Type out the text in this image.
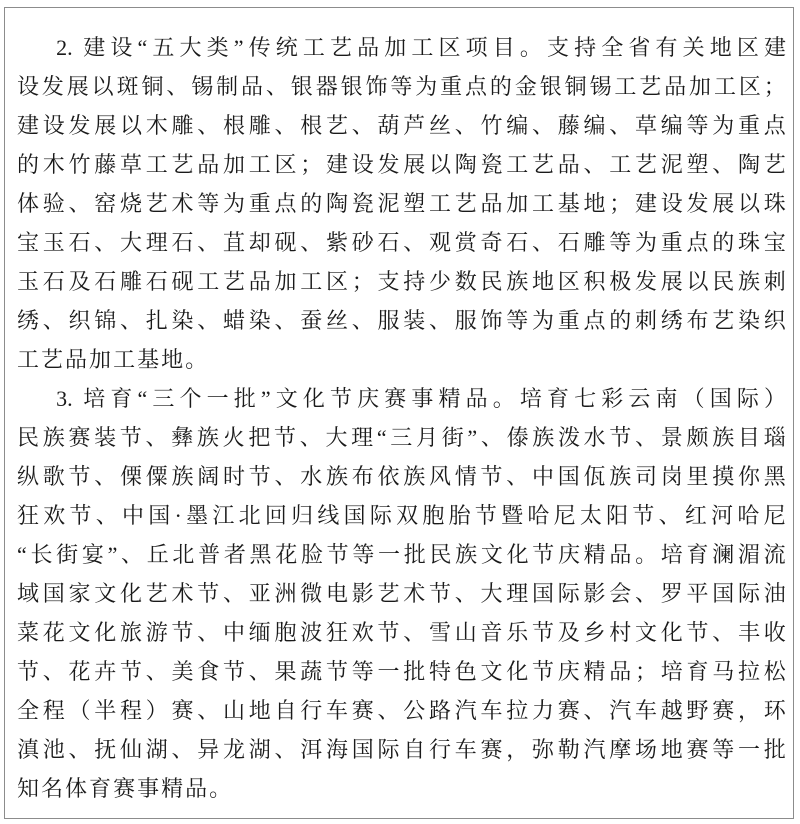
2. 建 设 “ 五 大 类 ” 传 统 工 艺 品 加 工 区 项 目 。 支 持 全 省 有 关 地 区 建
设 发 展 以 斑 铜 、 锡 制 品 、 银 器 银 饰 等 为 重 点 的 金 银 铜 锡 工 艺 品 加 工 区 ；
建 设 发 展 以 木 雕 、 根 雕 、 根 艺 、 葫 芦 丝 、 竹 编 、 藤 编 、 草 编 等 为 重 点
的 木 竹 藤 草 工 艺 品 加 工 区 ； 建 设 发 展 以 陶 瓷 工 艺 品 、 工 艺 泥 塑 、 陶 艺
体 验 、 窑 烧 艺 术 等 为 重 点 的 陶 瓷 泥 塑 工 艺 品 加 工 基 地 ； 建 设 发 展 以 珠
宝 玉 石 、 大 理 石 、 苴 却 砚 、 紫 砂 石 、 观 赏 奇 石 、 石 雕 等 为 重 点 的 珠 宝
玉 石 及 石 雕 石 砚 工 艺 品 加 工 区 ； 支 持 少 数 民 族 地 区 积 极 发 展 以 民 族 刺
绣 、 织 锦 、 扎 染 、 蜡 染 、 蚕 丝 、 服 装 、 服 饰 等 为 重 点 的 刺 绣 布 艺 染 织
工 艺 品 加 工 基 地 。
3. 培 育 “ 三 个 一 批 ” 文 化 节 庆 赛 事 精 品 。 培 育 七 彩 云 南 （ 国 际 ）
民 族 赛 装 节 、 彝 族 火 把 节 、 大 理 “ 三 月 街 ” 、 傣 族 泼 水 节 、 景 颇 族 目 瑙
纵 歌 节 、 傈 僳 族 阔 时 节 、 水 族 布 依 族 风 情 节 、 中 国 佤 族 司 岗 里 摸 你 黑
狂 欢 节 、 中 国 · 墨 江 北 回 归 线 国 际 双 胞 胎 节 暨 哈 尼 太 阳 节 、 红 河 哈 尼
“ 长 街 宴 ” 、 丘 北 普 者 黑 花 脸 节 等 一 批 民 族 文 化 节 庆 精 品 。 培 育 澜 湄 流
域 国 家 文 化 艺 术 节 、 亚 洲 微 电 影 艺 术 节 、 大 理 国 际 影 会 、 罗 平 国 际 油
菜 花 文 化 旅 游 节 、 中 缅 胞 波 狂 欢 节 、 雪 山 音 乐 节 及 乡 村 文 化 节 、 丰 收
节 、 花 卉 节 、 美 食 节 、 果 蔬 节 等 一 批 特 色 文 化 节 庆 精 品 ； 培 育 马 拉 松
全 程 （ 半 程 ） 赛 、 山 地 自 行 车 赛 、 公 路 汽 车 拉 力 赛 、 汽 车 越 野 赛 ， 环
滇 池 、 抚 仙 湖 、 异 龙 湖 、 洱 海 国 际 自 行 车 赛 ， 弥 勒 汽 摩 场 地 赛 等 一 批
知 名 体 育 赛 事 精 品 。
